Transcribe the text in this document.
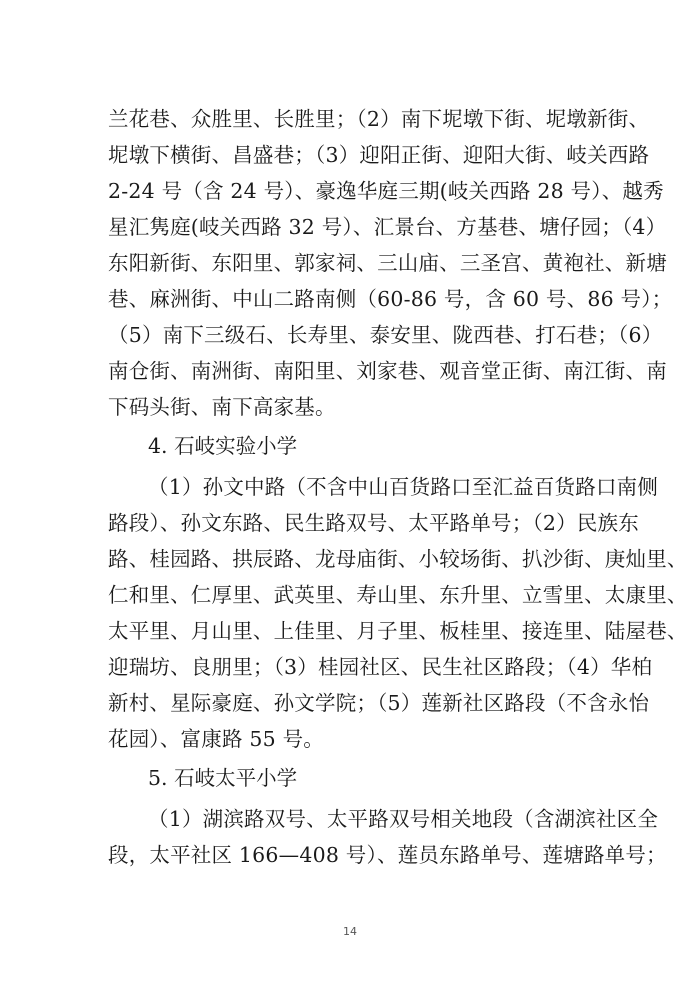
兰花巷、众胜里、长胜里；（2）南下坭墩下街、坭墩新街、
坭墩下横街、昌盛巷；（3）迎阳正街、迎阳大街、岐关西路
2-24 号（含 24 号）、豪逸华庭三期(岐关西路 28 号）、越秀
星汇隽庭(岐关西路 32 号）、汇景台、方基巷、塘仔园；（4）
东阳新街、东阳里、郭家祠、三山庙、三圣宫、黄袍社、新塘
巷、麻洲街、中山二路南侧（60-86 号，含 60 号、86 号）；
（5）南下三级石、长寿里、泰安里、陇西巷、打石巷；（6）
南仓街、南洲街、南阳里、刘家巷、观音堂正街、南江街、南
下码头街、南下高家基。
4. 石岐实验小学
（1）孙文中路（不含中山百货路口至汇益百货路口南侧
路段）、孙文东路、民生路双号、太平路单号；（2）民族东
路、桂园路、拱辰路、龙母庙街、小较场街、扒沙街、庚灿里、
仁和里、仁厚里、武英里、寿山里、东升里、立雪里、太康里、
太平里、月山里、上佳里、月子里、板桂里、接连里、陆屋巷、
迎瑞坊、良朋里；（3）桂园社区、民生社区路段；（4）华柏
新村、星际豪庭、孙文学院；（5）莲新社区路段（不含永怡
花园）、富康路 55 号。
5. 石岐太平小学
（1）湖滨路双号、太平路双号相关地段（含湖滨社区全
段，太平社区 166—408 号）、莲员东路单号、莲塘路单号；
14
